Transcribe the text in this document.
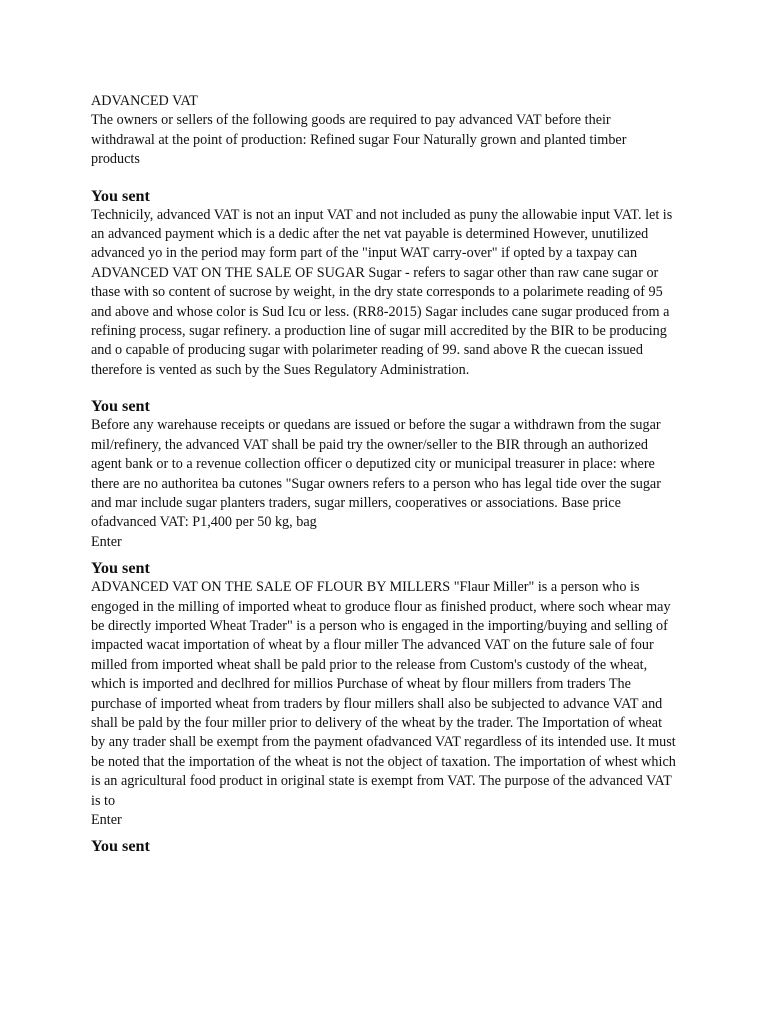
ADVANCED VAT

The owners or sellers of the following goods are required to pay advanced VAT before their withdrawal at the point of production: Refined sugar Four Naturally grown and planted timber products

You sent

Technicily, advanced VAT is not an input VAT and not included as puny the allowabie input VAT. let is an advanced payment which is a dedic after the net vat payable is determined However, unutilized advanced yo in the period may form part of the "input WAT carry-over" if opted by a taxpay can ADVANCED VAT ON THE SALE OF SUGAR Sugar - refers to sagar other than raw cane sugar or thase with so content of sucrose by weight, in the dry state corresponds to a polarimete reading of 95 and above and whose color is Sud Icu or less. (RR8-2015) Sagar includes cane sugar produced from a refining process, sugar refinery. a production line of sugar mill accredited by the BIR to be producing and o capable of producing sugar with polarimeter reading of 99. sand above R the cuecan issued therefore is vented as such by the Sues Regulatory Administration.

You sent

Before any warehause receipts or quedans are issued or before the sugar a withdrawn from the sugar mil/refinery, the advanced VAT shall be paid try the owner/seller to the BIR through an authorized agent bank or to a revenue collection officer o deputized city or municipal treasurer in place: where there are no authoritea ba cutones "Sugar owners refers to a person who has legal tide over the sugar and mar include sugar planters traders, sugar millers, cooperatives or associations. Base price ofadvanced VAT: P1,400 per 50 kg, bag

Enter

You sent

ADVANCED VAT ON THE SALE OF FLOUR BY MILLERS "Flaur Miller" is a person who is engoged in the milling of imported wheat to groduce flour as finished product, where soch whear may be directly imported Wheat Trader" is a person who is engaged in the importing/buying and selling of impacted wacat importation of wheat by a flour miller The advanced VAT on the future sale of four milled from imported wheat shall be pald prior to the release from Custom's custody of the wheat, which is imported and declhred for millios Purchase of wheat by flour millers from traders The purchase of imported wheat from traders by flour millers shall also be subjected to advance VAT and shall be pald by the four miller prior to delivery of the wheat by the trader. The Importation of wheat by any trader shall be exempt from the payment ofadvanced VAT regardless of its intended use. It must be noted that the importation of the wheat is not the object of taxation. The importation of whest which is an agricultural food product in original state is exempt from VAT. The purpose of the advanced VAT is to

Enter

You sent
